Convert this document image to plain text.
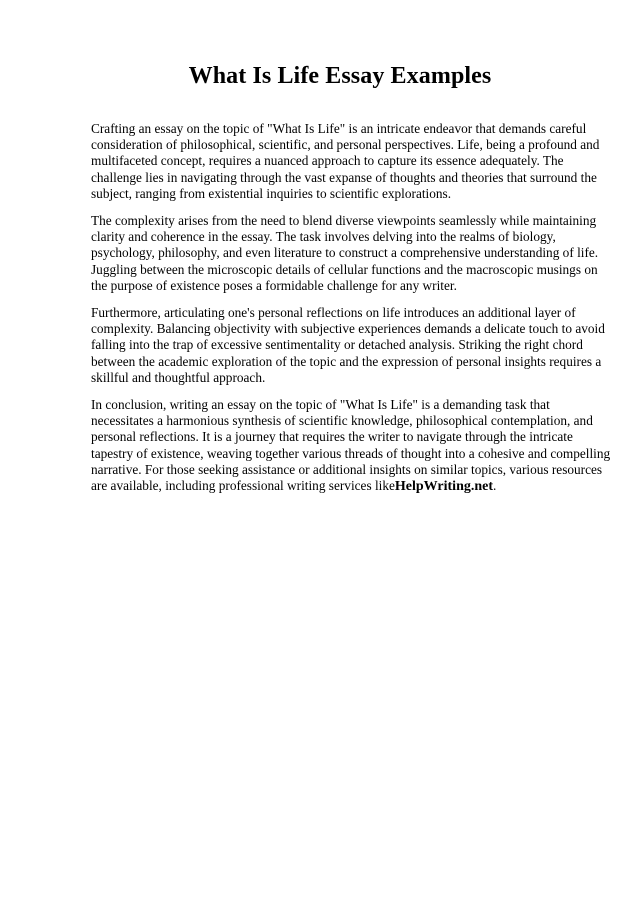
What Is Life Essay Examples

Crafting an essay on the topic of "What Is Life" is an intricate endeavor that demands careful consideration of philosophical, scientific, and personal perspectives. Life, being a profound and multifaceted concept, requires a nuanced approach to capture its essence adequately. The challenge lies in navigating through the vast expanse of thoughts and theories that surround the subject, ranging from existential inquiries to scientific explorations.

The complexity arises from the need to blend diverse viewpoints seamlessly while maintaining clarity and coherence in the essay. The task involves delving into the realms of biology, psychology, philosophy, and even literature to construct a comprehensive understanding of life. Juggling between the microscopic details of cellular functions and the macroscopic musings on the purpose of existence poses a formidable challenge for any writer.

Furthermore, articulating one's personal reflections on life introduces an additional layer of complexity. Balancing objectivity with subjective experiences demands a delicate touch to avoid falling into the trap of excessive sentimentality or detached analysis. Striking the right chord between the academic exploration of the topic and the expression of personal insights requires a skillful and thoughtful approach.

In conclusion, writing an essay on the topic of "What Is Life" is a demanding task that necessitates a harmonious synthesis of scientific knowledge, philosophical contemplation, and personal reflections. It is a journey that requires the writer to navigate through the intricate tapestry of existence, weaving together various threads of thought into a cohesive and compelling narrative. For those seeking assistance or additional insights on similar topics, various resources are available, including professional writing services likeHelpWriting.net.
